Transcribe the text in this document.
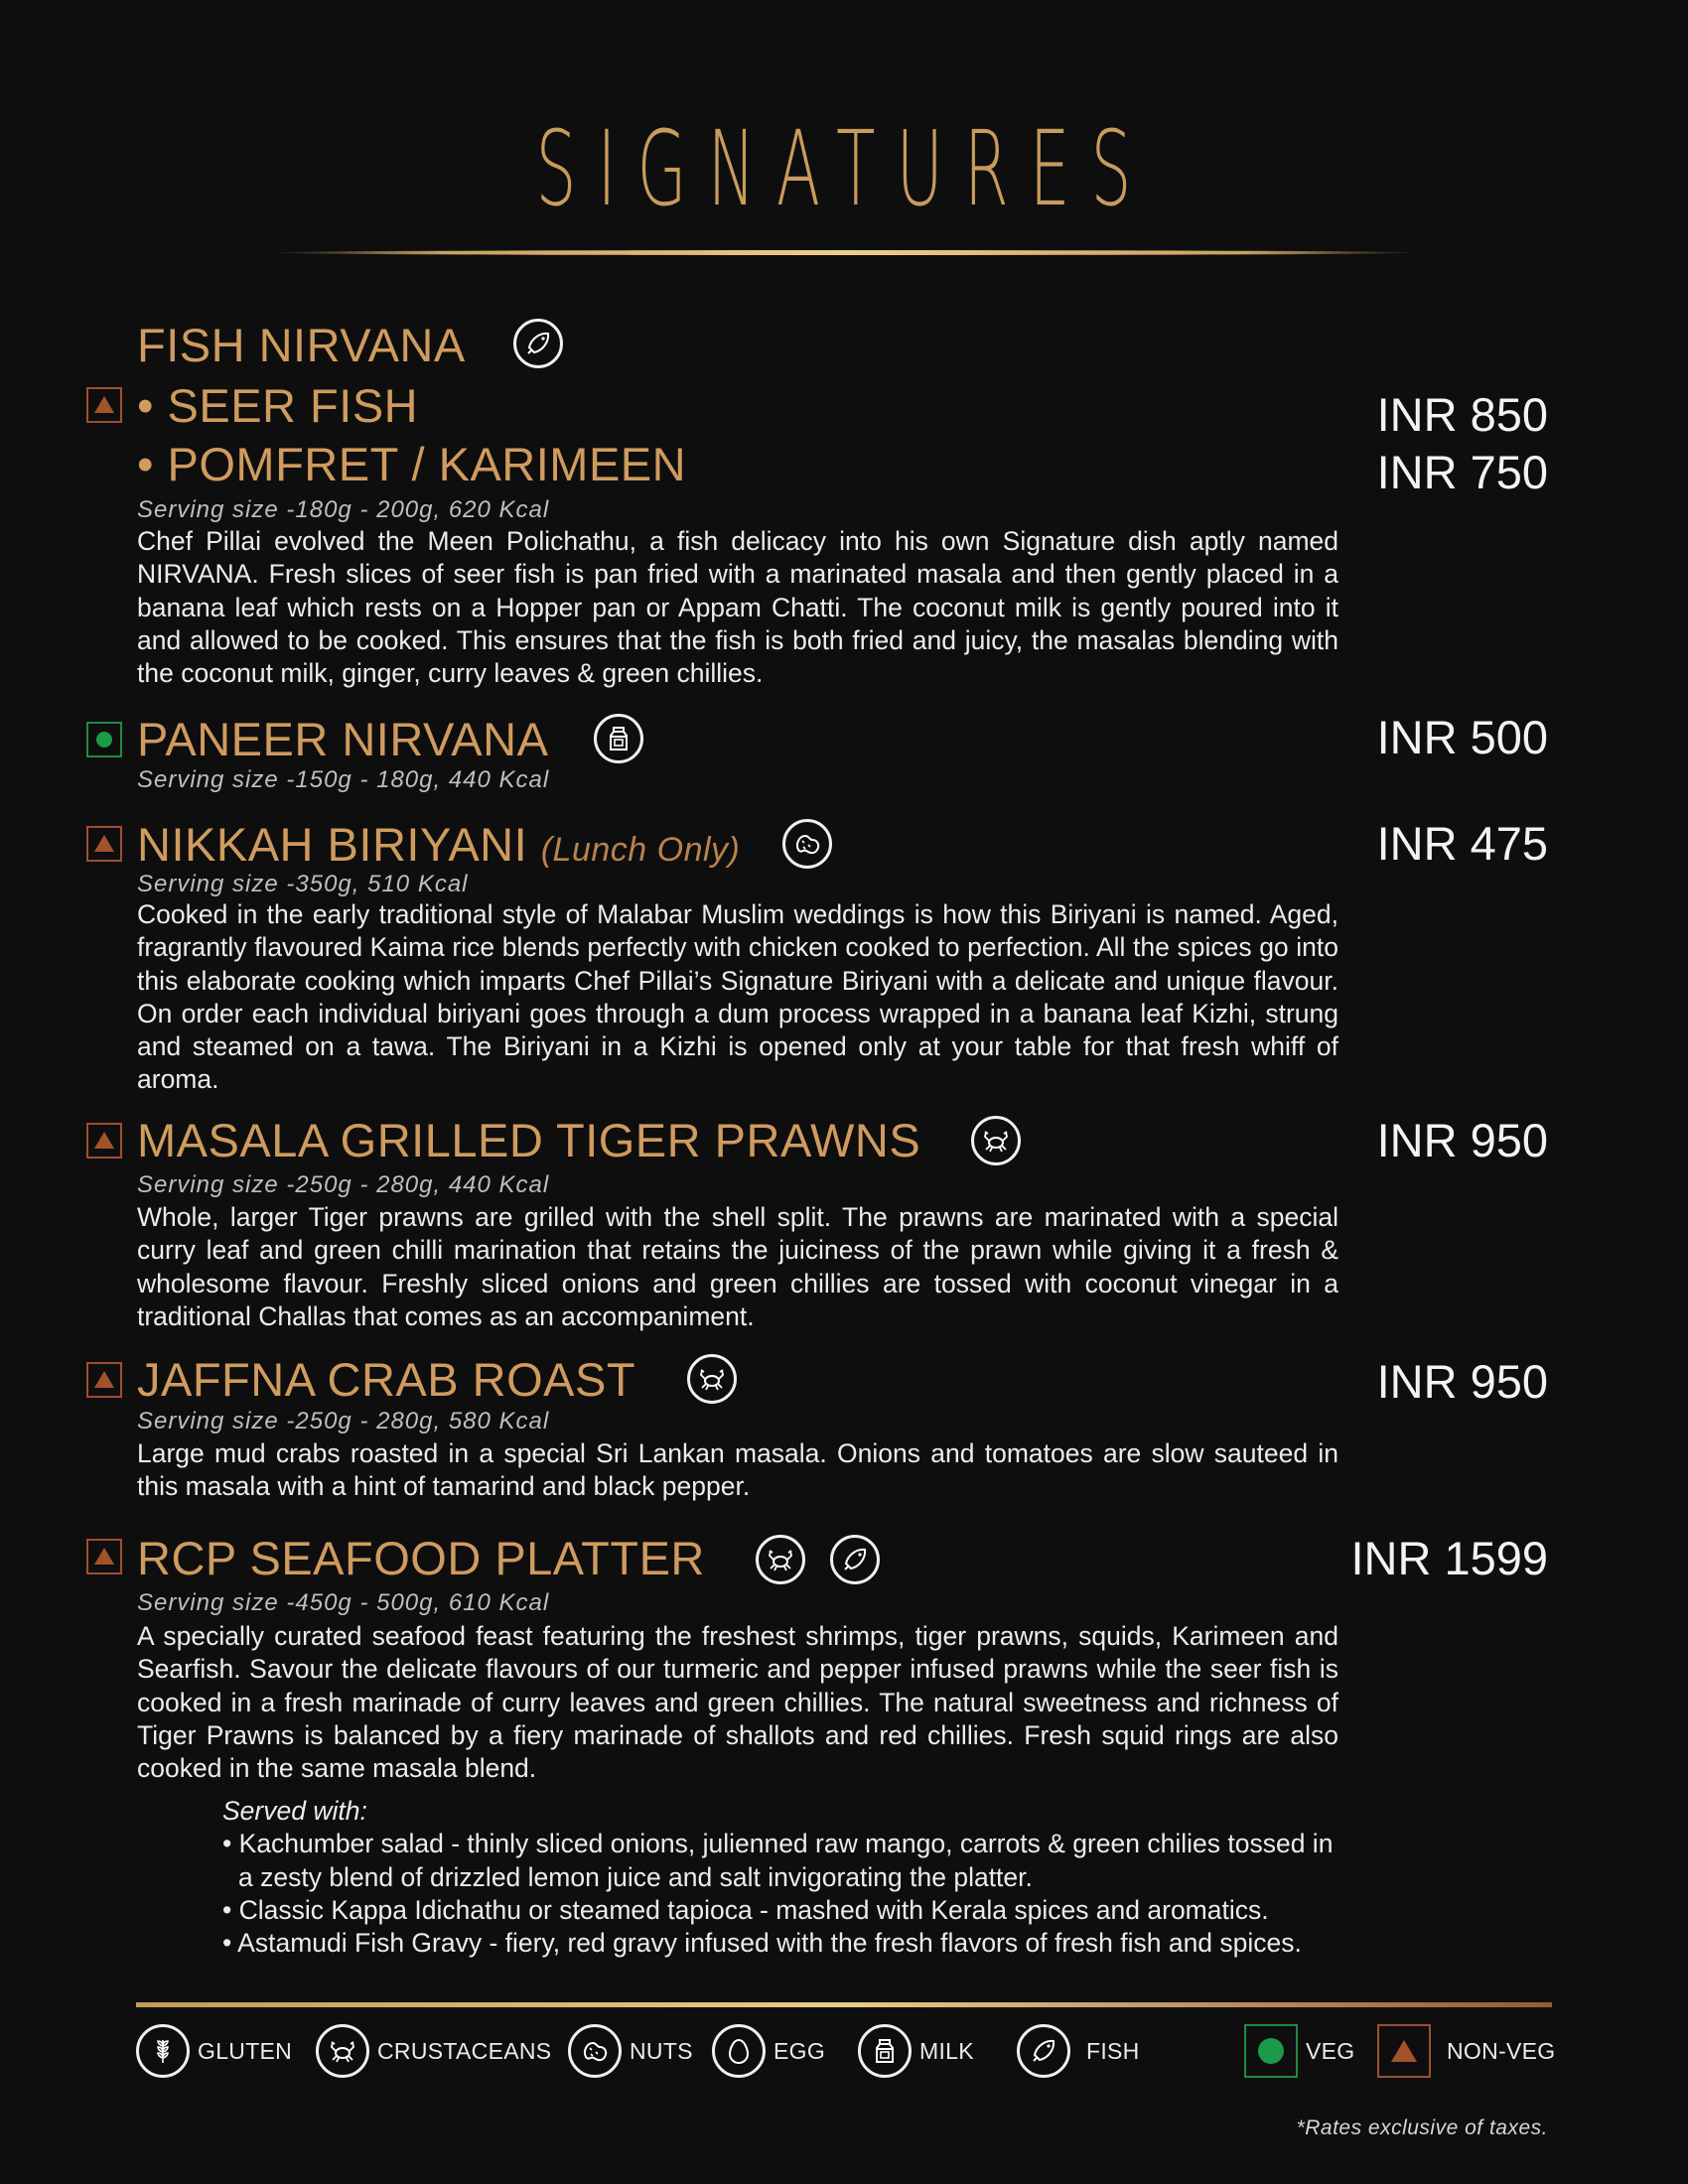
SIGNATURES
FISH NIRVANA
• SEER FISH	INR 850
• POMFRET / KARIMEEN	INR 750
Serving size -180g - 200g, 620 Kcal
Chef Pillai evolved the Meen Polichathu, a fish delicacy into his own Signature dish aptly named NIRVANA. Fresh slices of seer fish is pan fried with a marinated masala and then gently placed in a banana leaf which rests on a Hopper pan or Appam Chatti. The coconut milk is gently poured into it and allowed to be cooked. This ensures that the fish is both fried and juicy, the masalas blending with the coconut milk, ginger, curry leaves & green chillies.
PANEER NIRVANA	INR 500
Serving size -150g - 180g, 440 Kcal
NIKKAH BIRIYANI (Lunch Only)	INR 475
Serving size -350g, 510 Kcal
Cooked in the early traditional style of Malabar Muslim weddings is how this Biriyani is named. Aged, fragrantly flavoured Kaima rice blends perfectly with chicken cooked to perfection. All the spices go into this elaborate cooking which imparts Chef Pillai’s Signature Biriyani with a delicate and unique flavour. On order each individual biriyani goes through a dum process wrapped in a banana leaf Kizhi, strung and steamed on a tawa. The Biriyani in a Kizhi is opened only at your table for that fresh whiff of aroma.
MASALA GRILLED TIGER PRAWNS	INR 950
Serving size -250g - 280g, 440 Kcal
Whole, larger Tiger prawns are grilled with the shell split. The prawns are marinated with a special curry leaf and green chilli marination that retains the juiciness of the prawn while giving it a fresh & wholesome flavour. Freshly sliced onions and green chillies are tossed with coconut vinegar in a traditional Challas that comes as an accompaniment.
JAFFNA CRAB ROAST	INR 950
Serving size -250g - 280g, 580 Kcal
Large mud crabs roasted in a special Sri Lankan masala. Onions and tomatoes are slow sauteed in this masala with a hint of tamarind and black pepper.
RCP SEAFOOD PLATTER	INR 1599
Serving size -450g - 500g, 610 Kcal
A specially curated seafood feast featuring the freshest shrimps, tiger prawns, squids, Karimeen and Searfish. Savour the delicate flavours of our turmeric and pepper infused prawns while the seer fish is cooked in a fresh marinade of curry leaves and green chillies. The natural sweetness and richness of Tiger Prawns is balanced by a fiery marinade of shallots and red chillies. Fresh squid rings are also cooked in the same masala blend.
Served with:
• Kachumber salad - thinly sliced onions, julienned raw mango, carrots & green chilies tossed in a zesty blend of drizzled lemon juice and salt invigorating the platter.
• Classic Kappa Idichathu or steamed tapioca - mashed with Kerala spices and aromatics.
• Astamudi Fish Gravy - fiery, red gravy infused with the fresh flavors of fresh fish and spices.
GLUTEN	CRUSTACEANS	NUTS	EGG	MILK	FISH	VEG	NON-VEG
*Rates exclusive of taxes.
